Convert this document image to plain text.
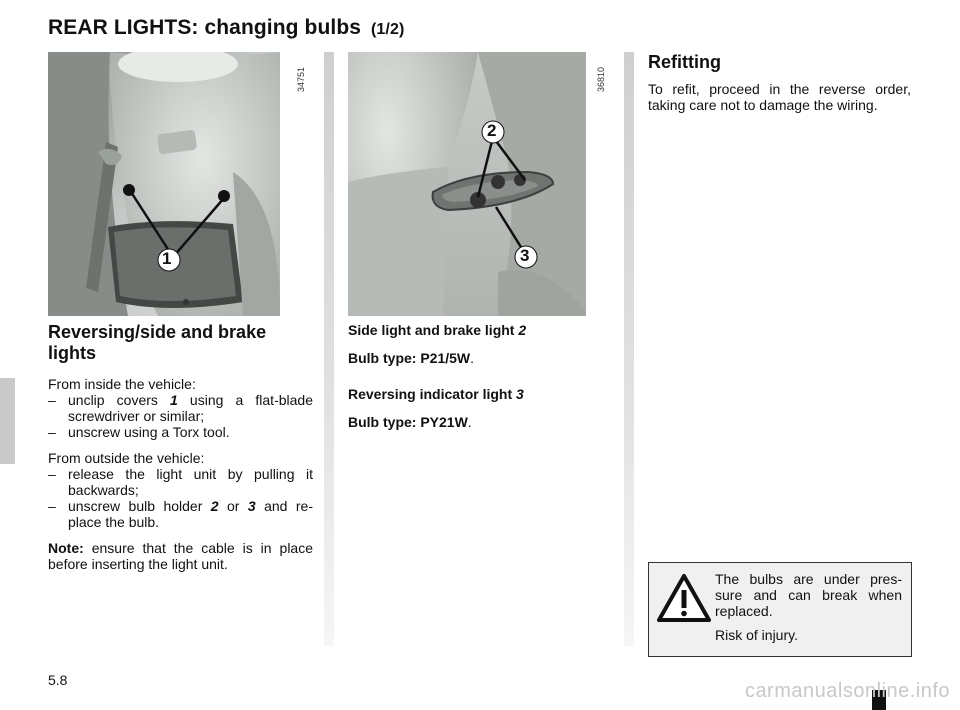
REAR LIGHTS: changing bulbs (1/2)
1
34751
2
3
36810
Reversing/side and brake lights
From inside the vehicle:
– unclip covers 1 using a flat-blade screwdriver or similar;
– unscrew using a Torx tool.
From outside the vehicle:
– release the light unit by pulling it backwards;
– unscrew bulb holder 2 or 3 and re-place the bulb.

Note: ensure that the cable is in place before inserting the light unit.

Side light and brake light 2
Bulb type: P21/5W.
Reversing indicator light 3
Bulb type: PY21W.
Refitting

To refit, proceed in the reverse order, taking care not to damage the wiring.

The bulbs are under pres-sure and can break when replaced.

Risk of injury.

5.8	carmanualsonline.info
